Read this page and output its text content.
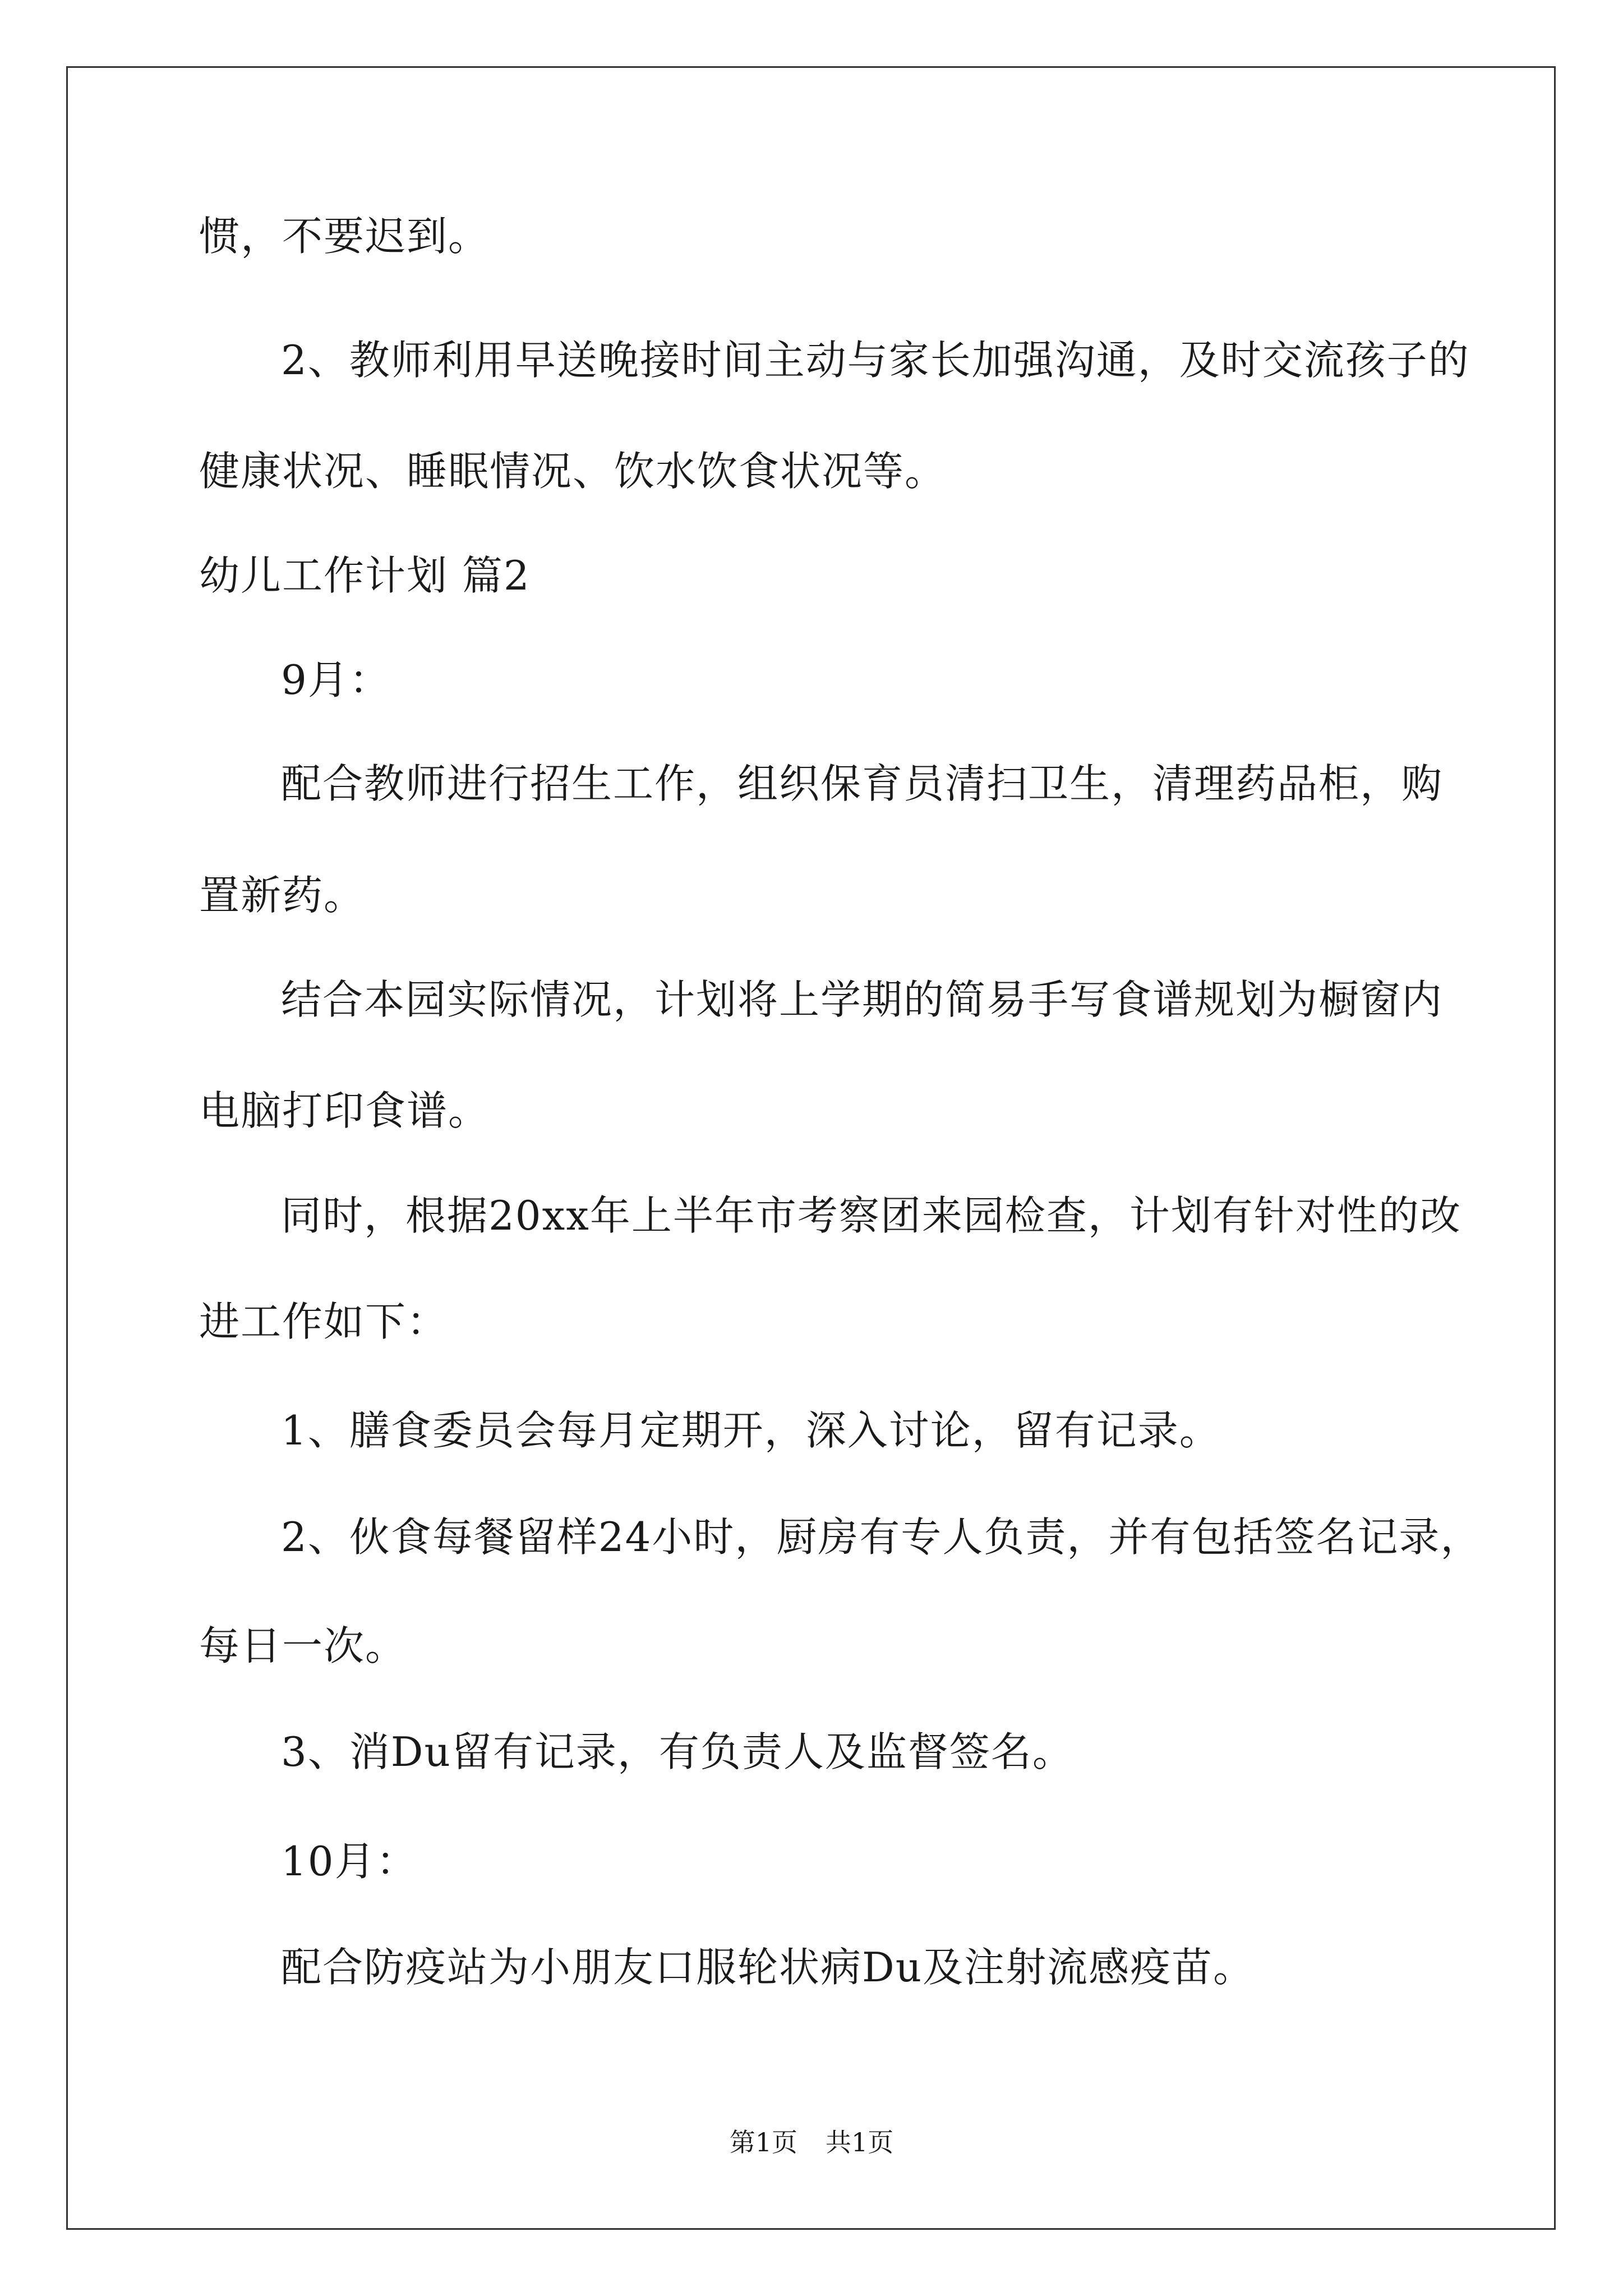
惯，不要迟到。
2、教师利用早送晚接时间主动与家长加强沟通，及时交流孩子的
健康状况、睡眠情况、饮水饮食状况等。
幼儿工作计划 篇2
9月：
配合教师进行招生工作，组织保育员清扫卫生，清理药品柜，购
置新药。
结合本园实际情况，计划将上学期的简易手写食谱规划为橱窗内
电脑打印食谱。
同时，根据20xx年上半年市考察团来园检查，计划有针对性的改
进工作如下：
1、膳食委员会每月定期开，深入讨论，留有记录。
2、伙食每餐留样24小时，厨房有专人负责，并有包括签名记录，
每日一次。
3、消Du留有记录，有负责人及监督签名。
10月：
配合防疫站为小朋友口服轮状病Du及注射流感疫苗。
第1页 共1页
